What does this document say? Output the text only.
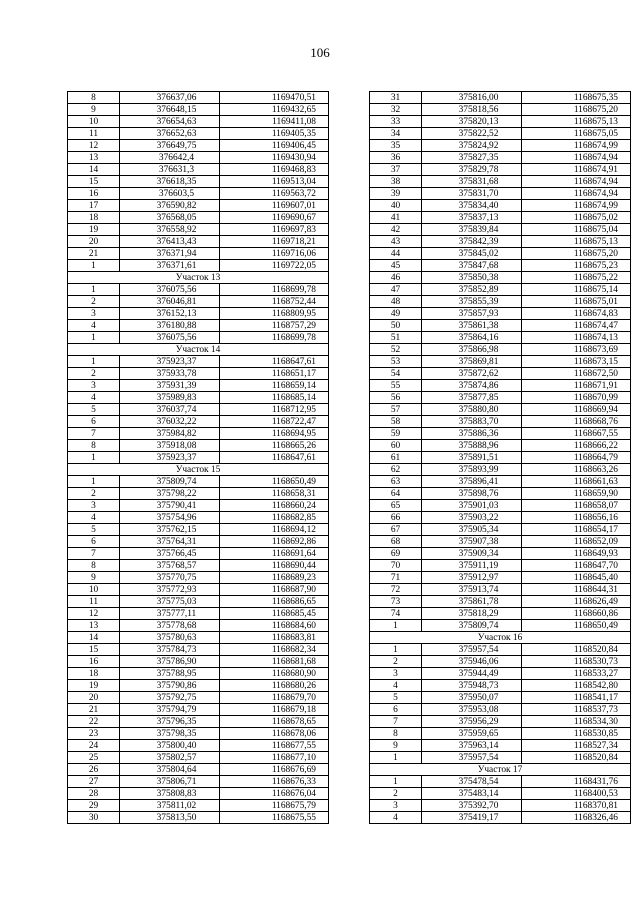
106
8	376637,06	1169470,51
9	376648,15	1169432,65
10	376654,63	1169411,08
11	376652,63	1169405,35
12	376649,75	1169406,45
13	376642,4	1169430,94
14	376631,3	1169468,83
15	376618,35	1169513,04
16	376603,5	1169563,72
17	376590,82	1169607,01
18	376568,05	1169690,67
19	376558,92	1169697,83
20	376413,43	1169718,21
21	376371,94	1169716,06
1	376371,61	1169722,05
Участок 13		
1	376075,56	1168699,78
2	376046,81	1168752,44
3	376152,13	1168809,95
4	376180,88	1168757,29
1	376075,56	1168699,78
Участок 14		
1	375923,37	1168647,61
2	375933,78	1168651,17
3	375931,39	1168659,14
4	375989,83	1168685,14
5	376037,74	1168712,95
6	376032,22	1168722,47
7	375984,82	1168694,95
8	375918,08	1168665,26
1	375923,37	1168647,61
Участок 15		
1	375809,74	1168650,49
2	375798,22	1168658,31
3	375790,41	1168660,24
4	375754,96	1168682,85
5	375762,15	1168694,12
6	375764,31	1168692,86
7	375766,45	1168691,64
8	375768,57	1168690,44
9	375770,75	1168689,23
10	375772,93	1168687,90
11	375775,03	1168686,65
12	375777,11	1168685,45
13	375778,68	1168684,60
14	375780,63	1168683,81
15	375784,73	1168682,34
16	375786,90	1168681,68
18	375788,95	1168680,90
19	375790,86	1168680,26
20	375792,75	1168679,70
21	375794,79	1168679,18
22	375796,35	1168678,65
23	375798,35	1168678,06
24	375800,40	1168677,55
25	375802,57	1168677,10
26	375804,64	1168676,69
27	375806,71	1168676,33
28	375808,83	1168676,04
29	375811,02	1168675,79
30	375813,50	1168675,55
31	375816,00	1168675,35
32	375818,56	1168675,20
33	375820,13	1168675,13
34	375822,52	1168675,05
35	375824,92	1168674,99
36	375827,35	1168674,94
37	375829,78	1168674,91
38	375831,68	1168674,94
39	375831,70	1168674,94
40	375834,40	1168674,99
41	375837,13	1168675,02
42	375839,84	1168675,04
43	375842,39	1168675,13
44	375845,02	1168675,20
45	375847,68	1168675,23
46	375850,38	1168675,22
47	375852,89	1168675,14
48	375855,39	1168675,01
49	375857,93	1168674,83
50	375861,38	1168674,47
51	375864,16	1168674,13
52	375866,98	1168673,69
53	375869,81	1168673,15
54	375872,62	1168672,50
55	375874,86	1168671,91
56	375877,85	1168670,99
57	375880,80	1168669,94
58	375883,70	1168668,76
59	375886,36	1168667,55
60	375888,96	1168666,22
61	375891,51	1168664,79
62	375893,99	1168663,26
63	375896,41	1168661,63
64	375898,76	1168659,90
65	375901,03	1168658,07
66	375903,22	1168656,16
67	375905,34	1168654,17
68	375907,38	1168652,09
69	375909,34	1168649,93
70	375911,19	1168647,70
71	375912,97	1168645,40
72	375913,74	1168644,31
73	375861,78	1168626,49
74	375818,29	1168660,86
1	375809,74	1168650,49
Участок 16		
1	375957,54	1168520,84
2	375946,06	1168530,73
3	375944,49	1168533,27
4	375948,73	1168542,80
5	375950,07	1168541,17
6	375953,08	1168537,73
7	375956,29	1168534,30
8	375959,65	1168530,85
9	375963,14	1168527,34
1	375957,54	1168520,84
Участок 17		
1	375478,54	1168431,76
2	375483,14	1168400,53
3	375392,70	1168370,81
4	375419,17	1168326,46
